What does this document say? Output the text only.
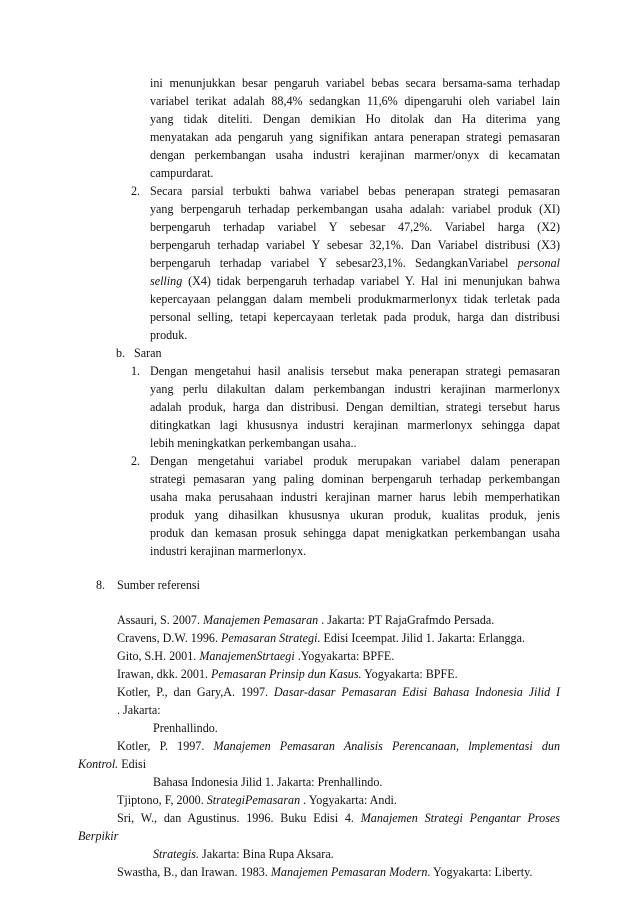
ini menunjukkan besar pengaruh variabel bebas secara bersama-sama terhadap
variabel terikat adalah 88,4% sedangkan 11,6% dipengaruhi oleh variabel lain
yang tidak diteliti. Dengan demikian Ho ditolak dan Ha diterima yang
menyatakan ada pengaruh yang signifikan antara penerapan strategi pemasaran
dengan perkembangan usaha industri kerajinan marmer/onyx di kecamatan
campurdarat.
2. Secara parsial terbukti bahwa variabel bebas penerapan strategi pemasaran
yang berpengaruh terhadap perkembangan usaha adalah: variabel produk (XI)
berpengaruh terhadap variabel Y sebesar 47,2%. Variabel harga (X2)
berpengaruh terhadap variabel Y sebesar 32,1%. Dan Variabel distribusi (X3)
berpengaruh terhadap variabel Y sebesar23,1%. SedangkanVariabel personal
selling (X4) tidak berpengaruh terhadap variabel Y. Hal ini menunjukan bahwa
kepercayaan pelanggan dalam membeli produkmarmerlonyx tidak terletak pada
personal selling, tetapi kepercayaan terletak pada produk, harga dan distribusi
produk.
b. Saran
1. Dengan mengetahui hasil analisis tersebut maka penerapan strategi pemasaran
yang perlu dilakultan dalam perkembangan industri kerajinan marmerlonyx
adalah produk, harga dan distribusi. Dengan demiltian, strategi tersebut harus
ditingkatkan lagi khususnya industri kerajinan marmerlonyx sehingga dapat
lebih meningkatkan perkembangan usaha..
2. Dengan mengetahui variabel produk merupakan variabel dalam penerapan
strategi pemasaran yang paling dominan berpengaruh terhadap perkembangan
usaha maka perusahaan industri kerajinan marner harus lebih memperhatikan
produk yang dihasilkan khususnya ukuran produk, kualitas produk, jenis
produk dan kemasan prosuk sehingga dapat menigkatkan perkembangan usaha
industri kerajinan marmerlonyx.
8. Sumber referensi
Assauri, S. 2007. Manajemen Pemasaran . Jakarta: PT RajaGrafmdo Persada.
Cravens, D.W. 1996. Pemasaran Strategi. Edisi Iceempat. Jilid 1. Jakarta: Erlangga.
Gito, S.H. 2001. ManajemenStrtaegi .Yogyakarta: BPFE.
Irawan, dkk. 2001. Pemasaran Prinsip dun Kasus. Yogyakarta: BPFE.
Kotler, P., dan Gary,A. 1997. Dasar-dasar Pemasaran Edisi Bahasa Indonesia Jilid I
. Jakarta:
Prenhallindo.
Kotler, P. 1997. Manajemen Pemasaran Analisis Perencanaan, lmplementasi dun
Kontrol. Edisi
Bahasa Indonesia Jilid 1. Jakarta: Prenhallindo.
Tjiptono, F, 2000. StrategiPemasaran . Yogyakarta: Andi.
Sri, W., dan Agustinus. 1996. Buku Edisi 4. Manajemen Strategi Pengantar Proses
Berpikir
Strategis. Jakarta: Bina Rupa Aksara.
Swastha, B., dan Irawan. 1983. Manajemen Pemasaran Modern. Yogyakarta: Liberty.
